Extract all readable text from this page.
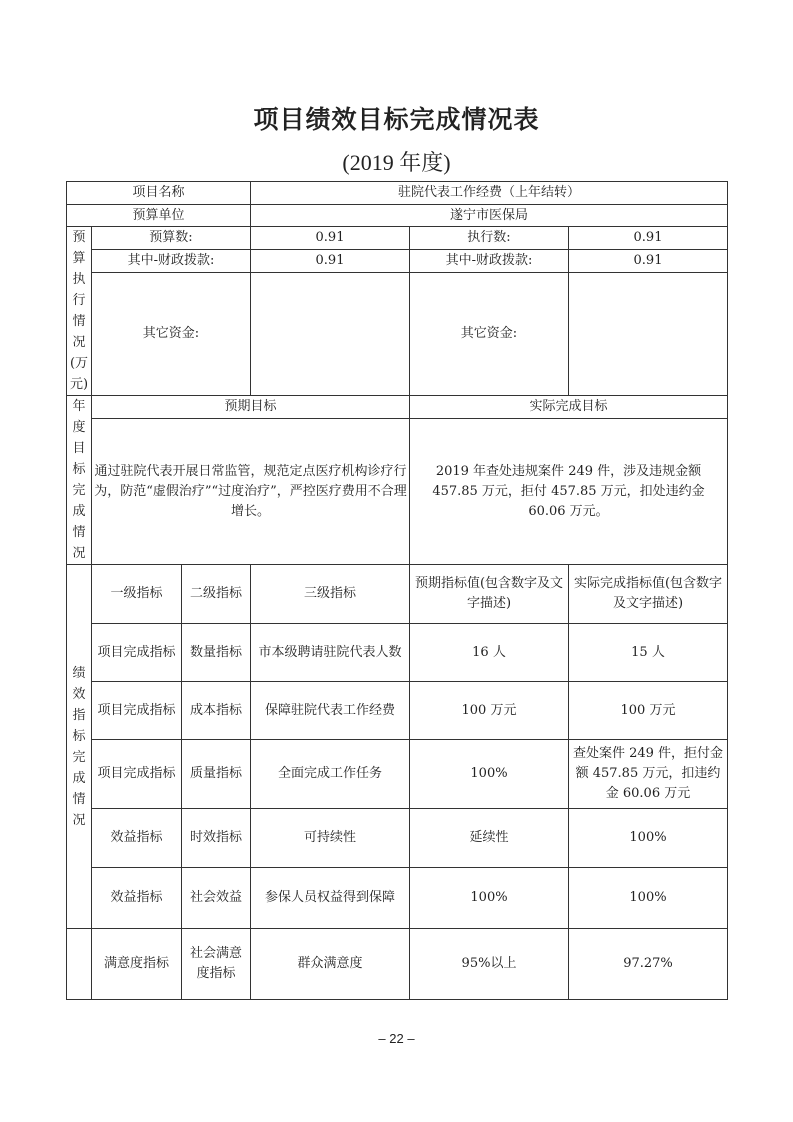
项目绩效目标完成情况表
(2019 年度)
项目名称			驻院代表工作经费（上年结转）		
预算单位			遂宁市医保局		
预算执行情况(万元)	预算数:		0.91	执行数:	0.91
	其中-财政拨款:		0.91	其中-财政拨款:	0.91
	其它资金:			其它资金:	
年度目标完成情况	预期目标			实际完成目标	
	通过驻院代表开展日常监管，规范定点医疗机构诊疗行为，防范“虚假治疗”“过度治疗”，严控医疗费用不合理增长。			2019 年查处违规案件 249 件，涉及违规金额 457.85 万元，拒付 457.85 万元，扣处违约金 60.06 万元。	
绩效指标完成情况	一级指标	二级指标	三级指标	预期指标值(包含数字及文字描述)	实际完成指标值(包含数字及文字描述)
	项目完成指标	数量指标	市本级聘请驻院代表人数	16 人	15 人
	项目完成指标	成本指标	保障驻院代表工作经费	100 万元	100 万元
	项目完成指标	质量指标	全面完成工作任务	100%	查处案件 249 件，拒付金额 457.85 万元，扣违约金 60.06 万元
	效益指标	时效指标	可持续性	延续性	100%
	效益指标	社会效益	参保人员权益得到保障	100%	100%
	满意度指标	社会满意度指标	群众满意度	95%以上	97.27%
– 22 –
